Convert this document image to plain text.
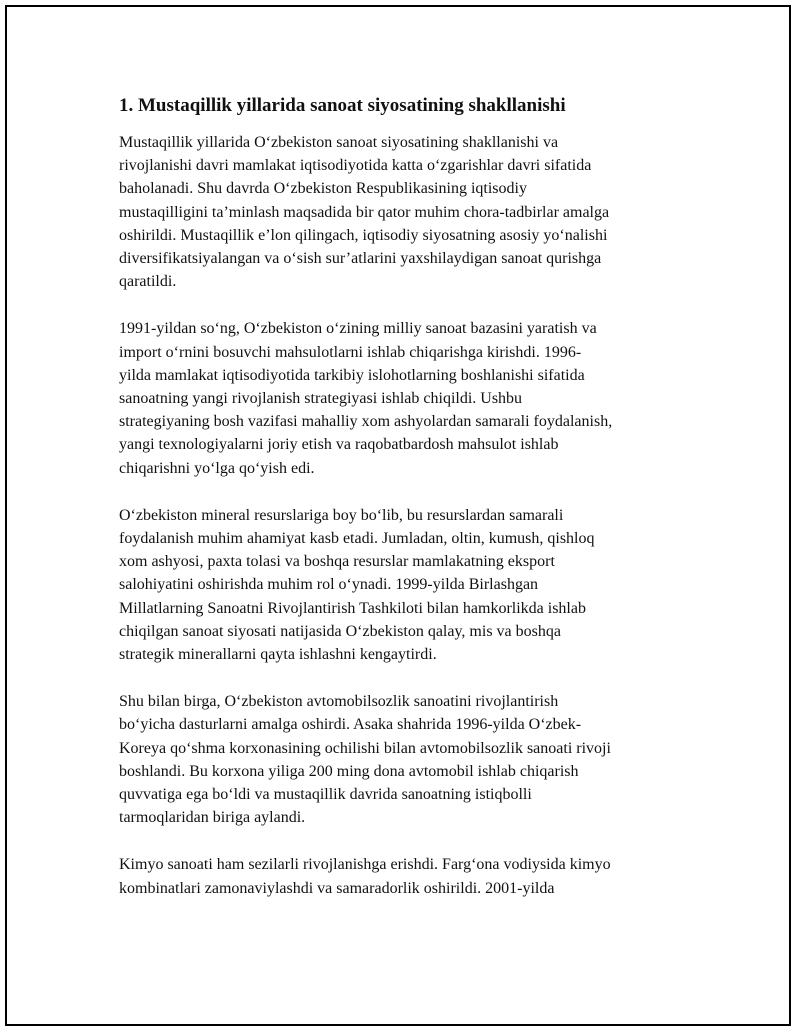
1. Mustaqillik yillarida sanoat siyosatining shakllanishi

Mustaqillik yillarida O‘zbekiston sanoat siyosatining shakllanishi va
rivojlanishi davri mamlakat iqtisodiyotida katta o‘zgarishlar davri sifatida
baholanadi. Shu davrda O‘zbekiston Respublikasining iqtisodiy
mustaqilligini ta’minlash maqsadida bir qator muhim chora-tadbirlar amalga
oshirildi. Mustaqillik e’lon qilingach, iqtisodiy siyosatning asosiy yo‘nalishi
diversifikatsiyalangan va o‘sish sur’atlarini yaxshilaydigan sanoat qurishga
qaratildi.

1991-yildan so‘ng, O‘zbekiston o‘zining milliy sanoat bazasini yaratish va
import o‘rnini bosuvchi mahsulotlarni ishlab chiqarishga kirishdi. 1996-
yilda mamlakat iqtisodiyotida tarkibiy islohotlarning boshlanishi sifatida
sanoatning yangi rivojlanish strategiyasi ishlab chiqildi. Ushbu
strategiyaning bosh vazifasi mahalliy xom ashyolardan samarali foydalanish,
yangi texnologiyalarni joriy etish va raqobatbardosh mahsulot ishlab
chiqarishni yo‘lga qo‘yish edi.

O‘zbekiston mineral resurslariga boy bo‘lib, bu resurslardan samarali
foydalanish muhim ahamiyat kasb etadi. Jumladan, oltin, kumush, qishloq
xom ashyosi, paxta tolasi va boshqa resurslar mamlakatning eksport
salohiyatini oshirishda muhim rol o‘ynadi. 1999-yilda Birlashgan
Millatlarning Sanoatni Rivojlantirish Tashkiloti bilan hamkorlikda ishlab
chiqilgan sanoat siyosati natijasida O‘zbekiston qalay, mis va boshqa
strategik minerallarni qayta ishlashni kengaytirdi.

Shu bilan birga, O‘zbekiston avtomobilsozlik sanoatini rivojlantirish
bo‘yicha dasturlarni amalga oshirdi. Asaka shahrida 1996-yilda O‘zbek-
Koreya qo‘shma korxonasining ochilishi bilan avtomobilsozlik sanoati rivoji
boshlandi. Bu korxona yiliga 200 ming dona avtomobil ishlab chiqarish
quvvatiga ega bo‘ldi va mustaqillik davrida sanoatning istiqbolli
tarmoqlaridan biriga aylandi.

Kimyo sanoati ham sezilarli rivojlanishga erishdi. Farg‘ona vodiysida kimyo
kombinatlari zamonaviylashdi va samaradorlik oshirildi. 2001-yilda
